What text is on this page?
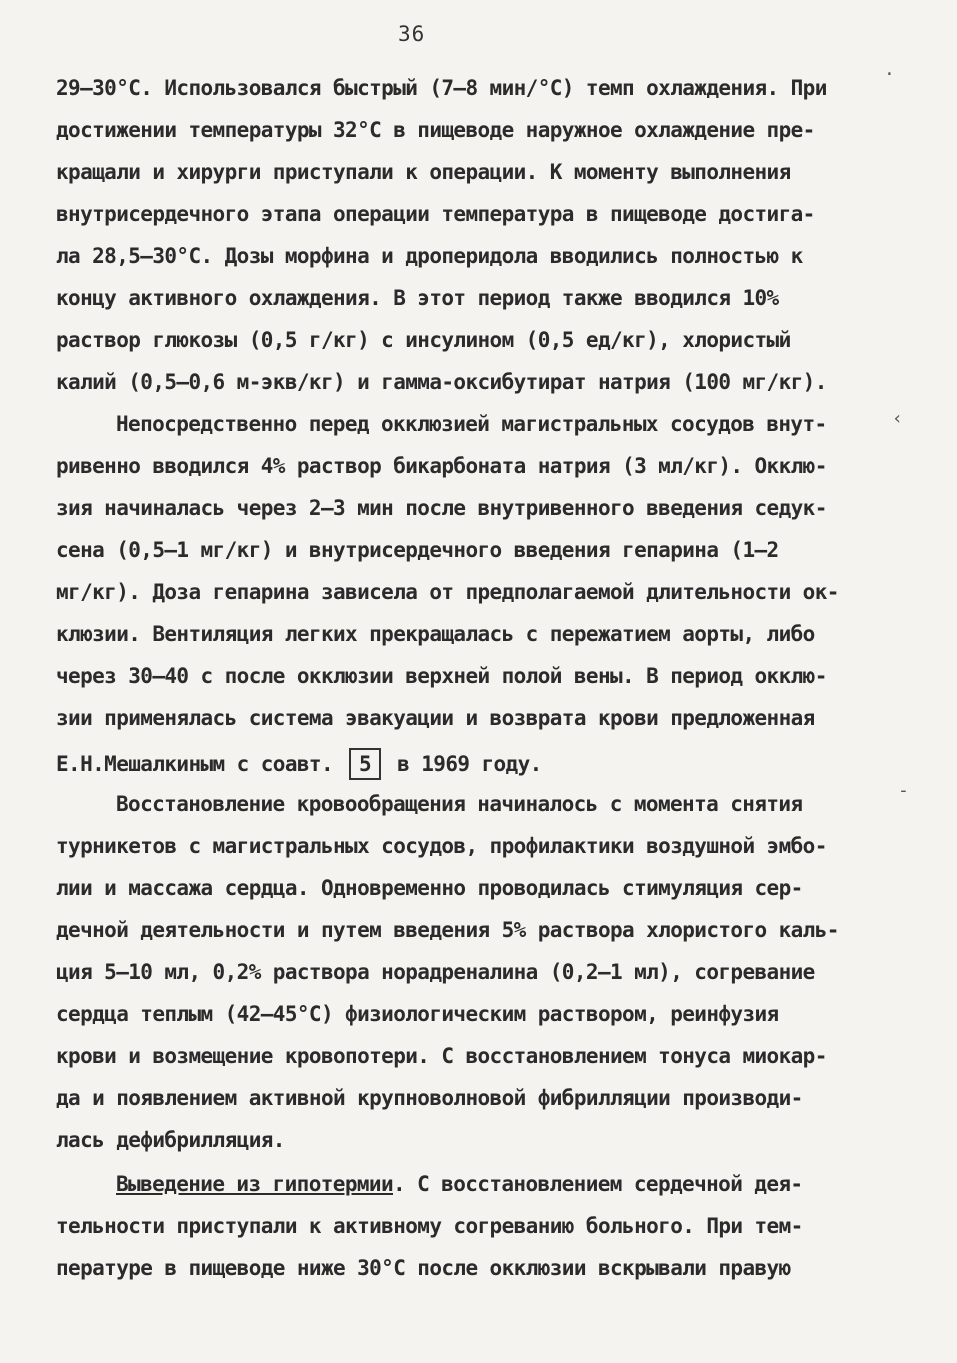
36
29–30°С. Использовался быстрый (7–8 мин/°С) темп охлаждения. При
достижении температуры 32°С в пищеводе наружное охлаждение пре-
кращали и хирурги приступали к операции. К моменту выполнения
внутрисердечного этапа операции температура в пищеводе достига-
ла 28,5–30°С. Дозы морфина и дроперидола вводились полностью к
концу активного охлаждения. В этот период также вводился 10%
раствор глюкозы (0,5 г/кг) с инсулином (0,5 ед/кг), хлористый
калий (0,5–0,6 м-экв/кг) и гамма-оксибутират натрия (100 мг/кг).
Непосредственно перед окклюзией магистральных сосудов внут-
ривенно вводился 4% раствор бикарбоната натрия (3 мл/кг). Окклю-
зия начиналась через 2–3 мин после внутривенного введения седук-
сена (0,5–1 мг/кг) и внутрисердечного введения гепарина (1–2
мг/кг). Доза гепарина зависела от предполагаемой длительности ок-
клюзии. Вентиляция легких прекращалась с пережатием аорты, либо
через 30–40 с после окклюзии верхней полой вены. В период окклю-
зии применялась система эвакуации и возврата крови предложенная
Е.Н.Мешалкиным с соавт. 5 в 1969 году.
Восстановление кровообращения начиналось с момента снятия
турникетов с магистральных сосудов, профилактики воздушной эмбо-
лии и массажа сердца. Одновременно проводилась стимуляция сер-
дечной деятельности и путем введения 5% раствора хлористого каль-
ция 5–10 мл, 0,2% раствора норадреналина (0,2–1 мл), согревание
сердца теплым (42–45°С) физиологическим раствором, реинфузия
крови и возмещение кровопотери. С восстановлением тонуса миокар-
да и появлением активной крупноволновой фибрилляции производи-
лась дефибрилляция.
Выведение из гипотермии. С восстановлением сердечной дея-
тельности приступали к активному согреванию больного. При тем-
пературе в пищеводе ниже 30°С после окклюзии вскрывали правую
·
‹
‑
